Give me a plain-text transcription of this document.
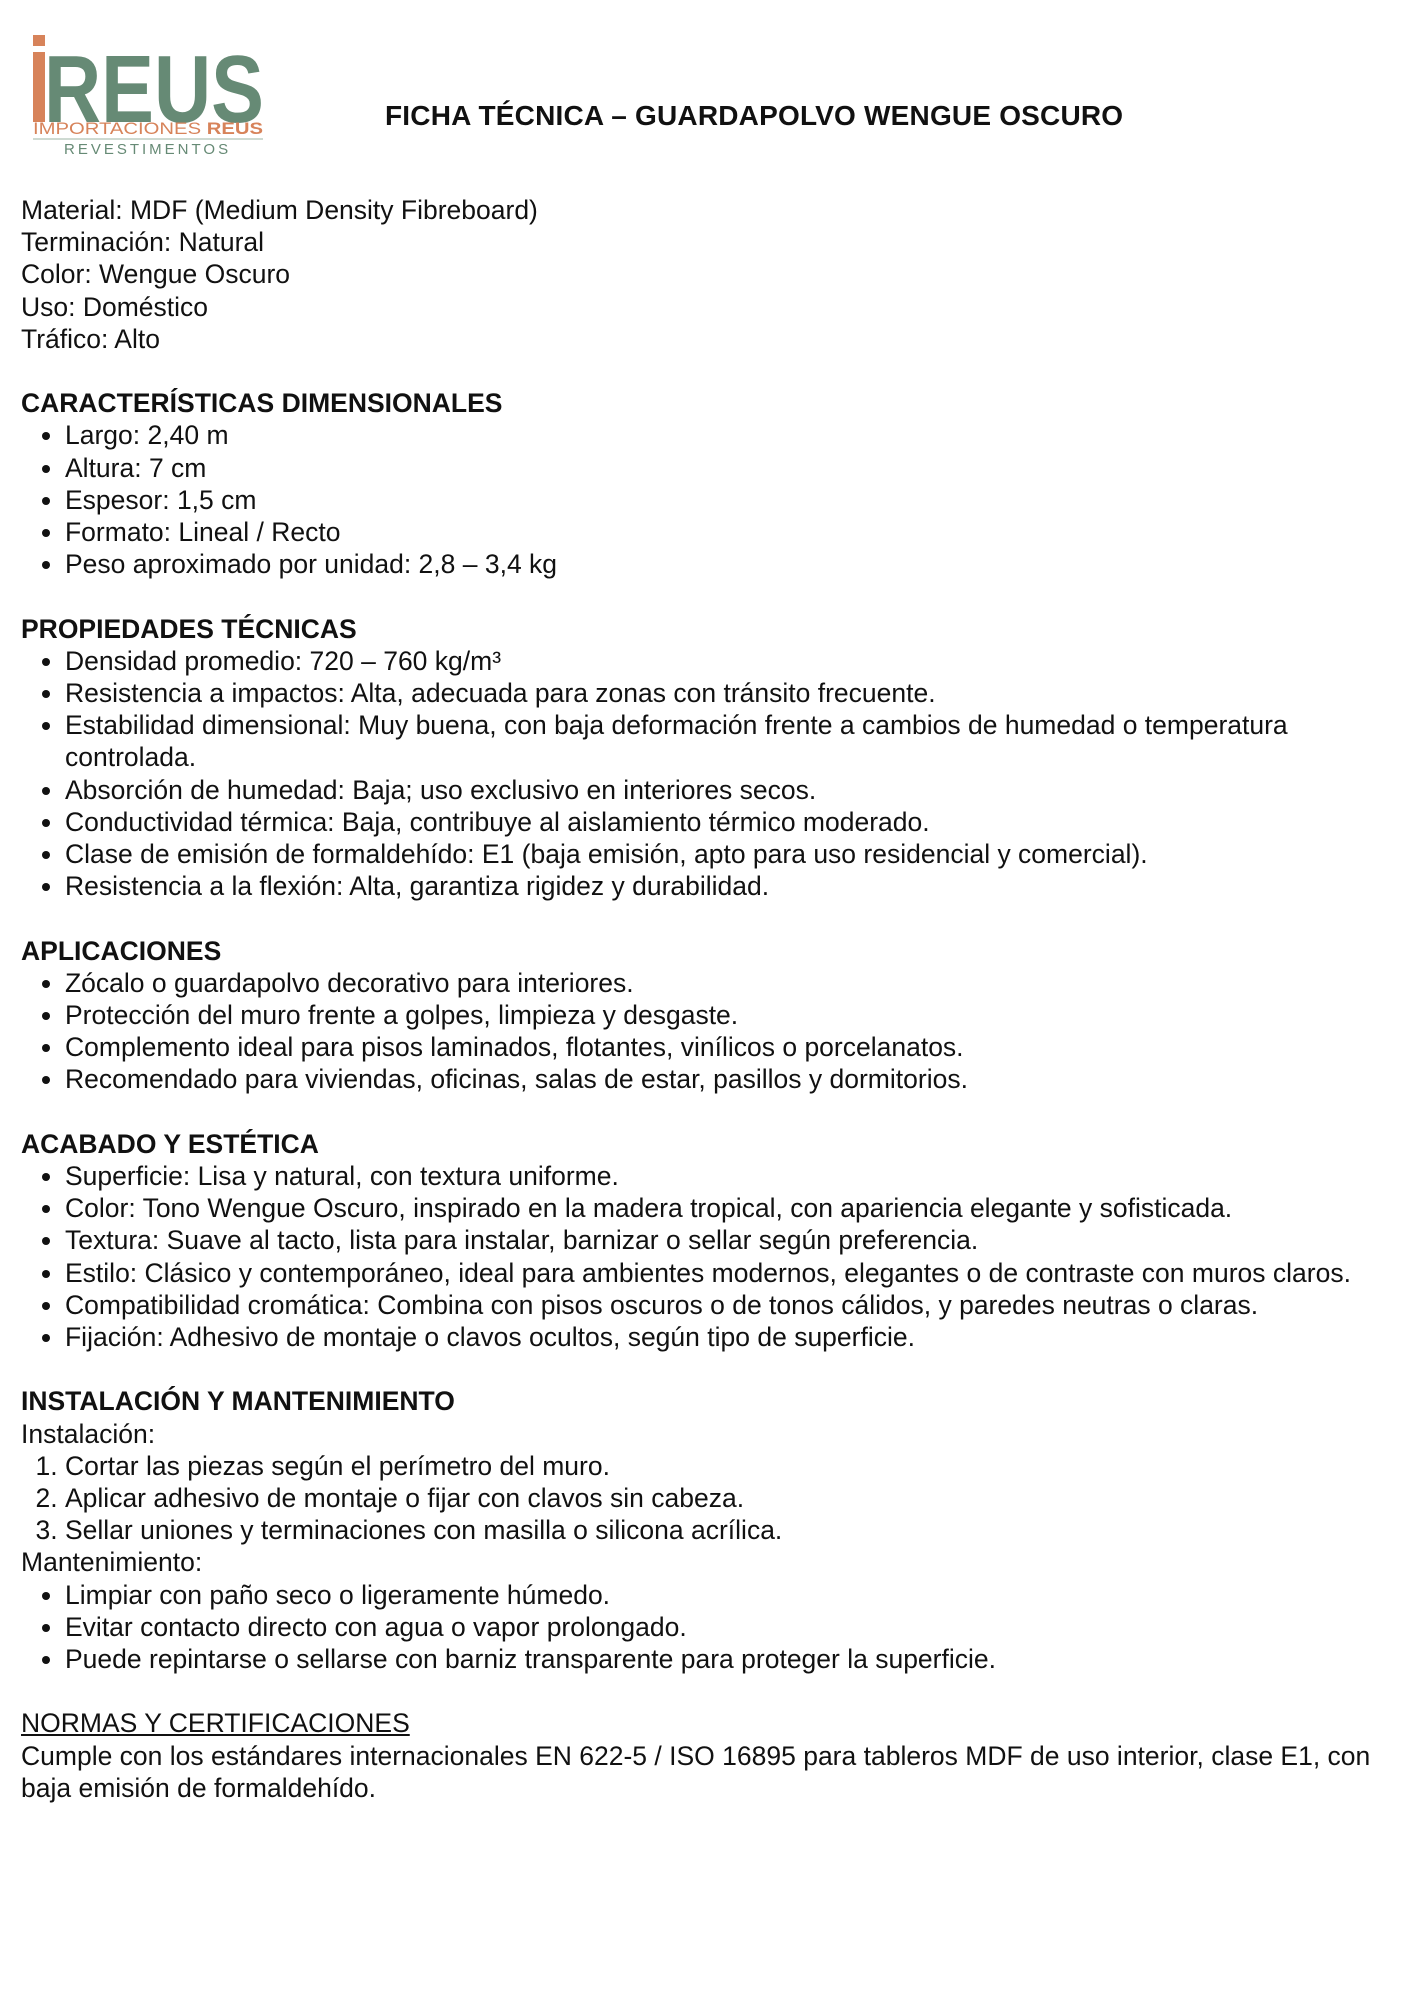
REUS
IMPORTACIONES REUS
REVESTIMENTOS
FICHA TÉCNICA – GUARDAPOLVO WENGUE OSCURO

Material: MDF (Medium Density Fibreboard)

Terminación: Natural

Color: Wengue Oscuro

Uso: Doméstico

Tráfico: Alto

CARACTERÍSTICAS DIMENSIONALES
• Largo: 2,40 m
• Altura: 7 cm
• Espesor: 1,5 cm
• Formato: Lineal / Recto
• Peso aproximado por unidad: 2,8 – 3,4 kg
PROPIEDADES TÉCNICAS
• Densidad promedio: 720 – 760 kg/m³
• Resistencia a impactos: Alta, adecuada para zonas con tránsito frecuente.
• Estabilidad dimensional: Muy buena, con baja deformación frente a cambios de humedad o temperatura controlada.
• Absorción de humedad: Baja; uso exclusivo en interiores secos.
• Conductividad térmica: Baja, contribuye al aislamiento térmico moderado.
• Clase de emisión de formaldehído: E1 (baja emisión, apto para uso residencial y comercial).
• Resistencia a la flexión: Alta, garantiza rigidez y durabilidad.
APLICACIONES
• Zócalo o guardapolvo decorativo para interiores.
• Protección del muro frente a golpes, limpieza y desgaste.
• Complemento ideal para pisos laminados, flotantes, vinílicos o porcelanatos.
• Recomendado para viviendas, oficinas, salas de estar, pasillos y dormitorios.
ACABADO Y ESTÉTICA
• Superficie: Lisa y natural, con textura uniforme.
• Color: Tono Wengue Oscuro, inspirado en la madera tropical, con apariencia elegante y sofisticada.
• Textura: Suave al tacto, lista para instalar, barnizar o sellar según preferencia.
• Estilo: Clásico y contemporáneo, ideal para ambientes modernos, elegantes o de contraste con muros claros.
• Compatibilidad cromática: Combina con pisos oscuros o de tonos cálidos, y paredes neutras o claras.
• Fijación: Adhesivo de montaje o clavos ocultos, según tipo de superficie.
INSTALACIÓN Y MANTENIMIENTO

Instalación:

1. Cortar las piezas según el perímetro del muro.
2. Aplicar adhesivo de montaje o fijar con clavos sin cabeza.
3. Sellar uniones y terminaciones con masilla o silicona acrílica.

Mantenimiento:

• Limpiar con paño seco o ligeramente húmedo.
• Evitar contacto directo con agua o vapor prolongado.
• Puede repintarse o sellarse con barniz transparente para proteger la superficie.
NORMAS Y CERTIFICACIONES

Cumple con los estándares internacionales EN 622-5 / ISO 16895 para tableros MDF de uso interior, clase E1, con baja emisión de formaldehído.
